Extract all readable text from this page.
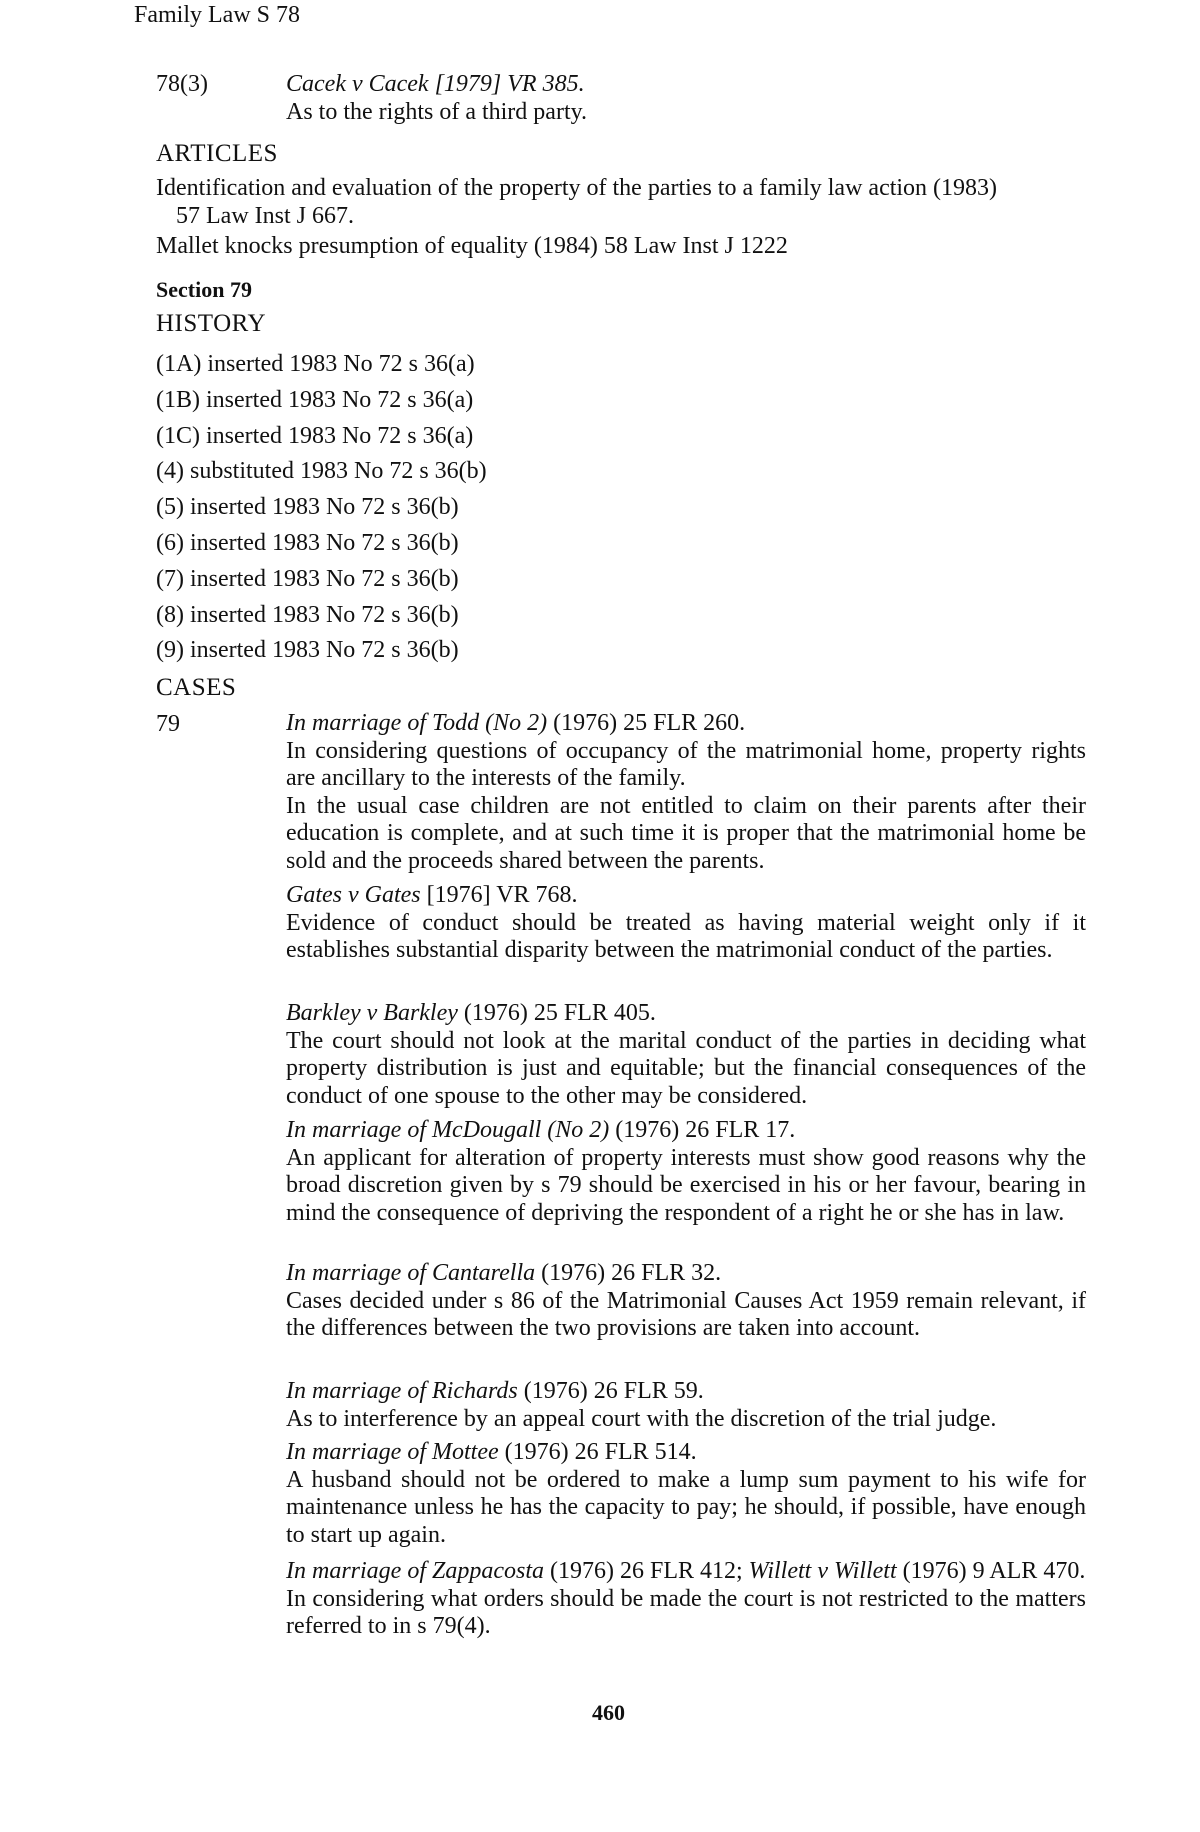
Family Law S 78
78(3)	Cacek v Cacek [1979] VR 385.
As to the rights of a third party.
ARTICLES
Identification and evaluation of the property of the parties to a family law action (1983)
57 Law Inst J 667.
Mallet knocks presumption of equality (1984) 58 Law Inst J 1222
Section 79
HISTORY
(1A) inserted 1983 No 72 s 36(a)
(1B) inserted 1983 No 72 s 36(a)
(1C) inserted 1983 No 72 s 36(a)
(4) substituted 1983 No 72 s 36(b)
(5) inserted 1983 No 72 s 36(b)
(6) inserted 1983 No 72 s 36(b)
(7) inserted 1983 No 72 s 36(b)
(8) inserted 1983 No 72 s 36(b)
(9) inserted 1983 No 72 s 36(b)
CASES
79	In marriage of Todd (No 2) (1976) 25 FLR 260.
In considering questions of occupancy of the matrimonial home, property rights are ancillary to the interests of the family.
In the usual case children are not entitled to claim on their parents after their education is complete, and at such time it is proper that the matrimonial home be sold and the proceeds shared between the parents.
Gates v Gates [1976] VR 768.
Evidence of conduct should be treated as having material weight only if it establishes substantial disparity between the matrimonial conduct of the parties.
Barkley v Barkley (1976) 25 FLR 405.
The court should not look at the marital conduct of the parties in deciding what property distribution is just and equitable; but the financial consequences of the conduct of one spouse to the other may be considered.
In marriage of McDougall (No 2) (1976) 26 FLR 17.
An applicant for alteration of property interests must show good reasons why the broad discretion given by s 79 should be exercised in his or her favour, bearing in mind the consequence of depriving the respondent of a right he or she has in law.
In marriage of Cantarella (1976) 26 FLR 32.
Cases decided under s 86 of the Matrimonial Causes Act 1959 remain relevant, if the differences between the two provisions are taken into account.
In marriage of Richards (1976) 26 FLR 59.
As to interference by an appeal court with the discretion of the trial judge.
In marriage of Mottee (1976) 26 FLR 514.
A husband should not be ordered to make a lump sum payment to his wife for maintenance unless he has the capacity to pay; he should, if possible, have enough to start up again.
In marriage of Zappacosta (1976) 26 FLR 412; Willett v Willett (1976) 9 ALR 470.
In considering what orders should be made the court is not restricted to the matters referred to in s 79(4).
460
